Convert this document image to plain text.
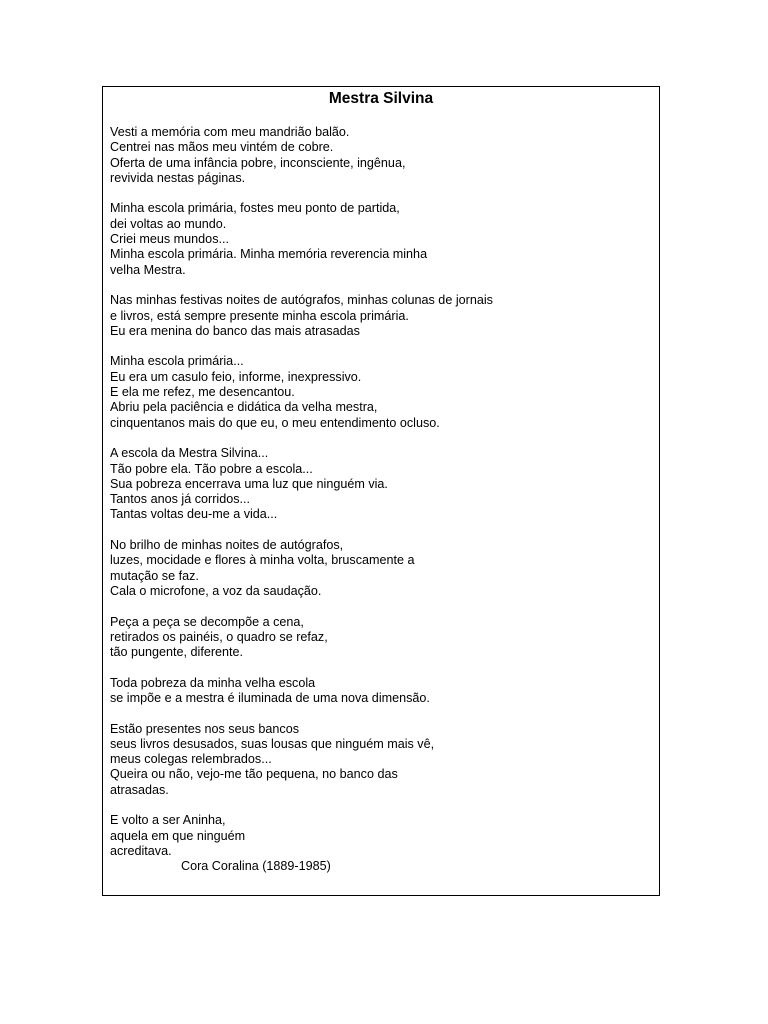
Mestra Silvina
Vesti a memória com meu mandrião balão.
Centrei nas mãos meu vintém de cobre.
Oferta de uma infância pobre, inconsciente, ingênua,
revivida nestas páginas.
Minha escola primária, fostes meu ponto de partida,
dei voltas ao mundo.
Criei meus mundos...
Minha escola primária. Minha memória reverencia minha
velha Mestra.
Nas minhas festivas noites de autógrafos, minhas colunas de jornais
e livros, está sempre presente minha escola primária.
Eu era menina do banco das mais atrasadas
Minha escola primária...
Eu era um casulo feio, informe, inexpressivo.
E ela me refez, me desencantou.
Abriu pela paciência e didática da velha mestra,
cinquentanos mais do que eu, o meu entendimento ocluso.
A escola da Mestra Silvina...
Tão pobre ela. Tão pobre a escola...
Sua pobreza encerrava uma luz que ninguém via.
Tantos anos já corridos...
Tantas voltas deu-me a vida...
No brilho de minhas noites de autógrafos,
luzes, mocidade e flores à minha volta, bruscamente a
mutação se faz.
Cala o microfone, a voz da saudação.
Peça a peça se decompõe a cena,
retirados os painéis, o quadro se refaz,
tão pungente, diferente.
Toda pobreza da minha velha escola
se impõe e a mestra é iluminada de uma nova dimensão.
Estão presentes nos seus bancos
seus livros desusados, suas lousas que ninguém mais vê,
meus colegas relembrados...
Queira ou não, vejo-me tão pequena, no banco das
atrasadas.
E volto a ser Aninha,
aquela em que ninguém
acreditava.
Cora Coralina (1889-1985)
